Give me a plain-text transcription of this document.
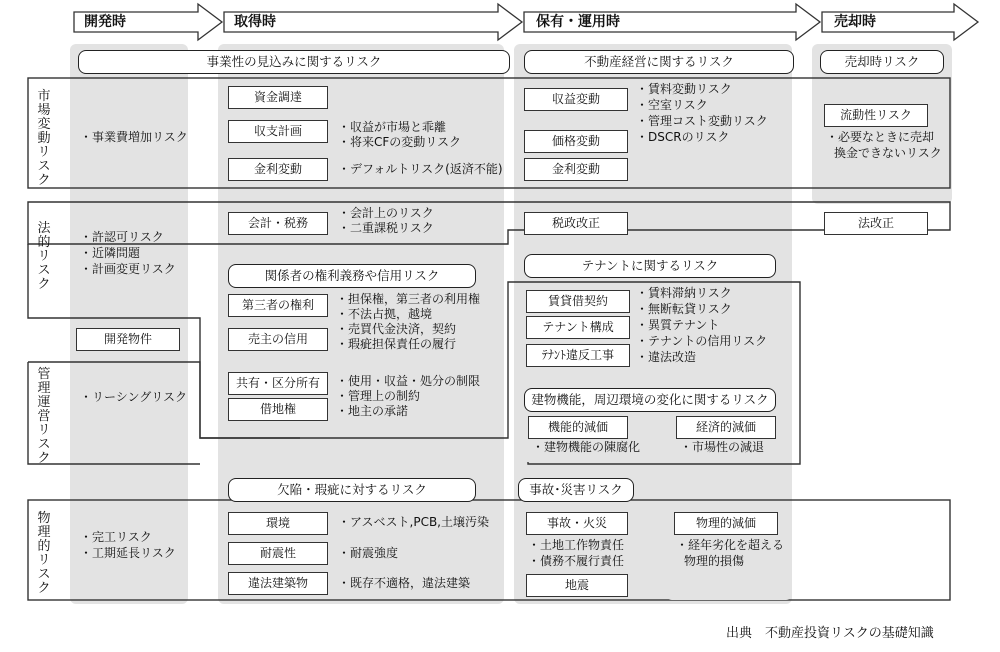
開発時	取得時	保有・運用時	売却時
市場変動リスク
法的リスク
管理運営リスク
物理的リスク
事業性の見込みに関するリスク	不動産経営に関するリスク	売却時リスク
関係者の権利義務や信用リスク
テナントに関するリスク
建物機能，周辺環境の変化に関するリスク
欠陥・瑕疵に対するリスク	事故･災害リスク
・事業費増加リスク
・許認可リスク
・近隣問題
・計画変更リスク
開発物件
・リーシングリスク
・完工リスク
・工期延長リスク
資金調達
収支計画	・収益が市場と乖離
・将来CFの変動リスク
金利変動	・デフォルトリスク(返済不能)
会計・税務
・会計上のリスク
・二重課税リスク
第三者の権利
売主の信用
・担保権，第三者の利用権
・不法占拠，越境
・売買代金決済，契約
・瑕疵担保責任の履行
共有・区分所有
借地権
・使用・収益・処分の制限
・管理上の制約
・地主の承諾
環境	・アスベスト,PCB,土壌汚染
耐震性	・耐震強度
違法建築物	・既存不適格，違法建築
収益変動
価格変動
金利変動
・賃料変動リスク
・空室リスク
・管理コスト変動リスク
・DSCRのリスク
税政改正
賃貸借契約
テナント構成
ﾃﾅﾝﾄ違反工事
・賃料滞納リスク
・無断転貸リスク
・異質テナント
・テナントの信用リスク
・違法改造
機能的減価
・建物機能の陳腐化
経済的減価
・市場性の減退
事故・火災
・土地工作物責任
・債務不履行責任
地震
流動性リスク
・必要なときに売却
換金できないリスク
法改正
物理的減価
・経年劣化を超える
物理的損傷
出典　不動産投資リスクの基礎知識
